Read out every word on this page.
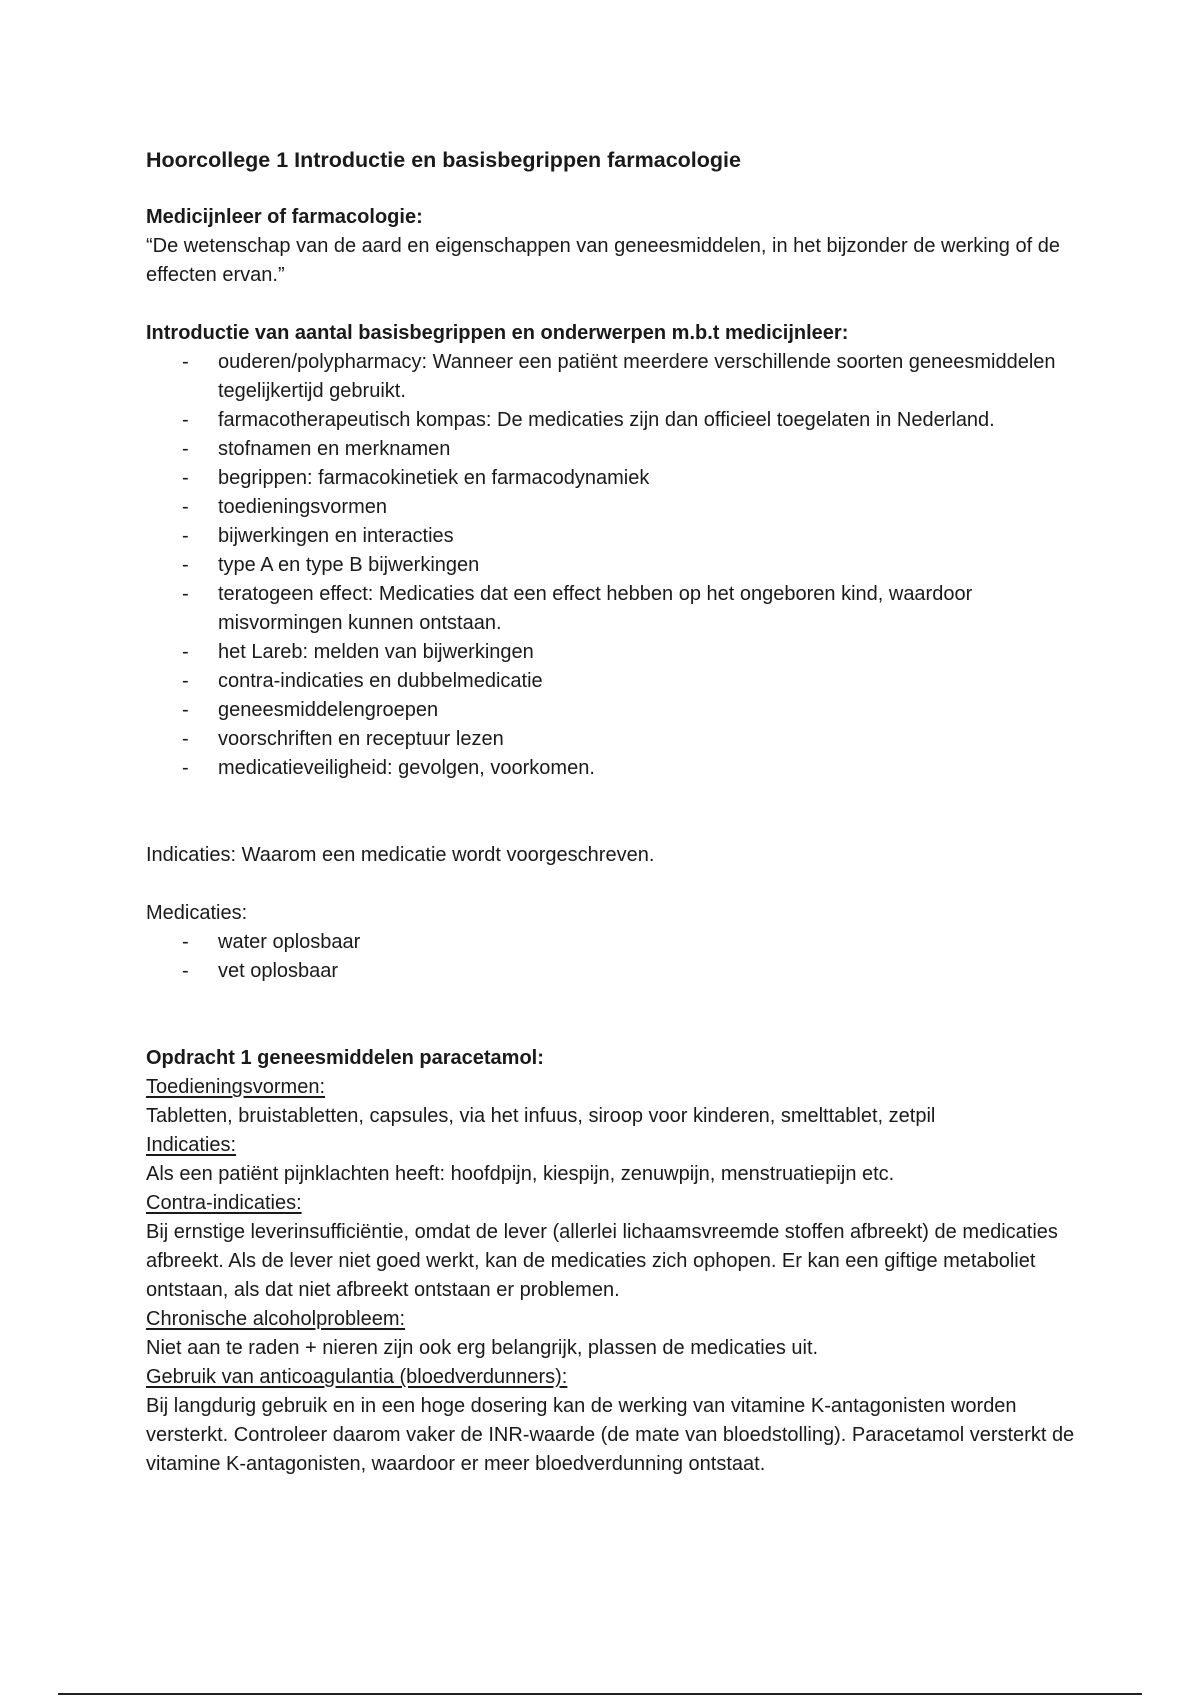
Hoorcollege 1 Introductie en basisbegrippen farmacologie

Medicijnleer of farmacologie:

“De wetenschap van de aard en eigenschappen van geneesmiddelen, in het bijzonder de werking of de effecten ervan.”

Introductie van aantal basisbegrippen en onderwerpen m.b.t medicijnleer:

- ouderen/polypharmacy: Wanneer een patiënt meerdere verschillende soorten geneesmiddelen tegelijkertijd gebruikt.
- farmacotherapeutisch kompas: De medicaties zijn dan officieel toegelaten in Nederland.
- stofnamen en merknamen
- begrippen: farmacokinetiek en farmacodynamiek
- toedieningsvormen
- bijwerkingen en interacties
- type A en type B bijwerkingen
- teratogeen effect: Medicaties dat een effect hebben op het ongeboren kind, waardoor misvormingen kunnen ontstaan.
- het Lareb: melden van bijwerkingen
- contra-indicaties en dubbelmedicatie
- geneesmiddelengroepen
- voorschriften en receptuur lezen
- medicatieveiligheid: gevolgen, voorkomen.

Indicaties: Waarom een medicatie wordt voorgeschreven.

Medicaties:

- water oplosbaar
- vet oplosbaar

Opdracht 1 geneesmiddelen paracetamol:

Toedieningsvormen:

Tabletten, bruistabletten, capsules, via het infuus, siroop voor kinderen, smelttablet, zetpil

Indicaties:

Als een patiënt pijnklachten heeft: hoofdpijn, kiespijn, zenuwpijn, menstruatiepijn etc.

Contra-indicaties:

Bij ernstige leverinsufficiëntie, omdat de lever (allerlei lichaamsvreemde stoffen afbreekt) de medicaties afbreekt. Als de lever niet goed werkt, kan de medicaties zich ophopen. Er kan een giftige metaboliet ontstaan, als dat niet afbreekt ontstaan er problemen.

Chronische alcoholprobleem:

Niet aan te raden + nieren zijn ook erg belangrijk, plassen de medicaties uit.

Gebruik van anticoagulantia (bloedverdunners):

Bij langdurig gebruik en in een hoge dosering kan de werking van vitamine K-antagonisten worden versterkt. Controleer daarom vaker de INR-waarde (de mate van bloedstolling). Paracetamol versterkt de vitamine K-antagonisten, waardoor er meer bloedverdunning ontstaat.
